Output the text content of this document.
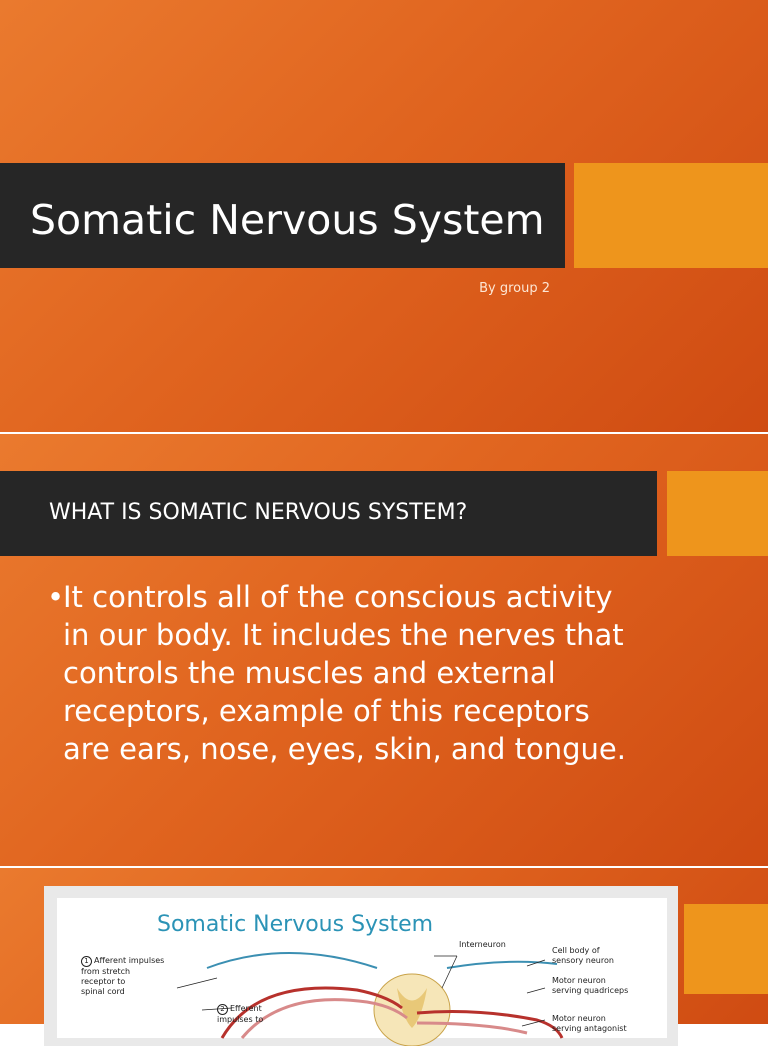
Somatic Nervous System
By group 2
WHAT IS SOMATIC NERVOUS SYSTEM?
•
It controls all of the conscious activity in our body. It includes the nerves that controls the muscles and external receptors, example of this receptors are ears, nose, eyes, skin, and tongue.
Somatic Nervous System
1 Afferent impulses
from stretch
receptor to
spinal cord
2 Efferent
impulses to
Interneuron
Cell body of
sensory neuron
Motor neuron
serving quadriceps
Motor neuron
serving antagonist
